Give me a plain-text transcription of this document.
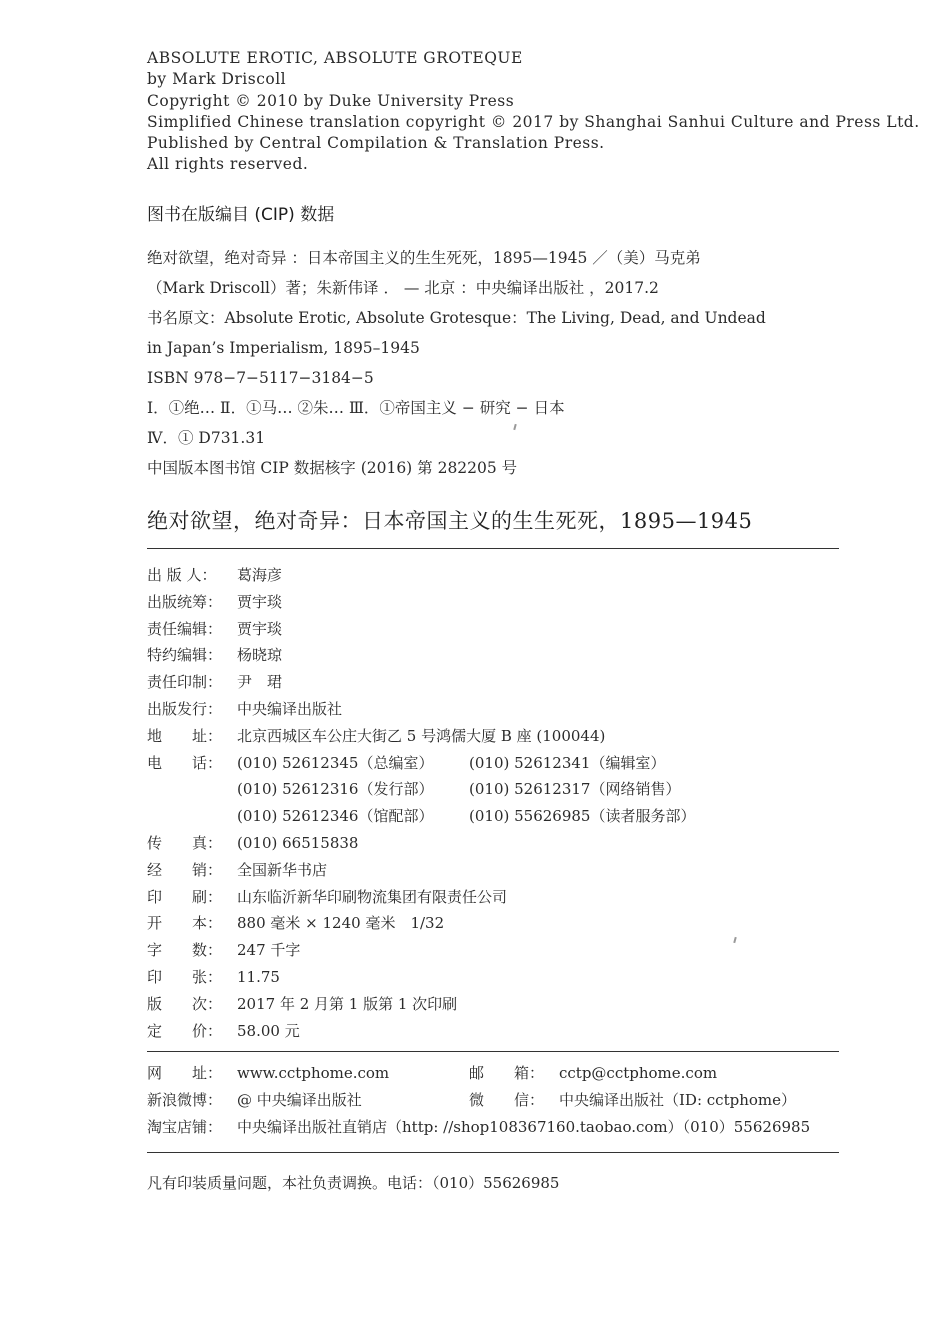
ABSOLUTE EROTIC, ABSOLUTE GROTEQUE
by Mark Driscoll
Copyright © 2010 by Duke University Press
Simplified Chinese translation copyright © 2017 by Shanghai Sanhui Culture and Press Ltd.
Published by Central Compilation & Translation Press.
All rights reserved.
图书在版编目 (CIP) 数据
绝对欲望，绝对奇异 ：日本帝国主义的生生死死，1895—1945 ／（美）马克弟
（Mark Driscoll）著；朱新伟译 ． — 北京 ：中央编译出版社 ，2017.2
书名原文：Absolute Erotic, Absolute Grotesque：The Living, Dead, and Undead
in Japan’s Imperialism, 1895–1945
ISBN 978−7−5117−3184−5
Ⅰ．①绝… Ⅱ．①马… ②朱… Ⅲ．①帝国主义 − 研究 − 日本
Ⅳ．① D731.31
中国版本图书馆 CIP 数据核字 (2016) 第 282205 号
绝对欲望，绝对奇异：日本帝国主义的生生死死，1895—1945
出 版 人：	葛海彦
出版统筹： 贾宇琰
责任编辑： 贾宇琰
特约编辑： 杨晓琼
责任印制： 尹　珺
出版发行： 中央编译出版社
地　　址： 北京西城区车公庄大街乙 5 号鸿儒大厦 B 座 (100044)
电　　话： (010) 52612345（总编室） (010) 52612341（编辑室）
(010) 52612316（发行部） (010) 52612317（网络销售）
(010) 52612346（馆配部） (010) 55626985（读者服务部）
传　　真： (010) 66515838
经　　销： 全国新华书店
印　　刷： 山东临沂新华印刷物流集团有限责任公司
开　　本： 880 毫米 × 1240 毫米　1/32
字　　数： 247 千字
印　　张： 11.75
版　　次： 2017 年 2 月第 1 版第 1 次印刷
定　　价： 58.00 元
网　　址： www.cctphome.com	邮　　箱： cctp@cctphome.com
新浪微博： @ 中央编译出版社	微　　信： 中央编译出版社（ID: cctphome）
淘宝店铺： 中央编译出版社直销店（http: //shop108367160.taobao.com）（010）55626985
凡有印装质量问题，本社负责调换。电话：（010）55626985
